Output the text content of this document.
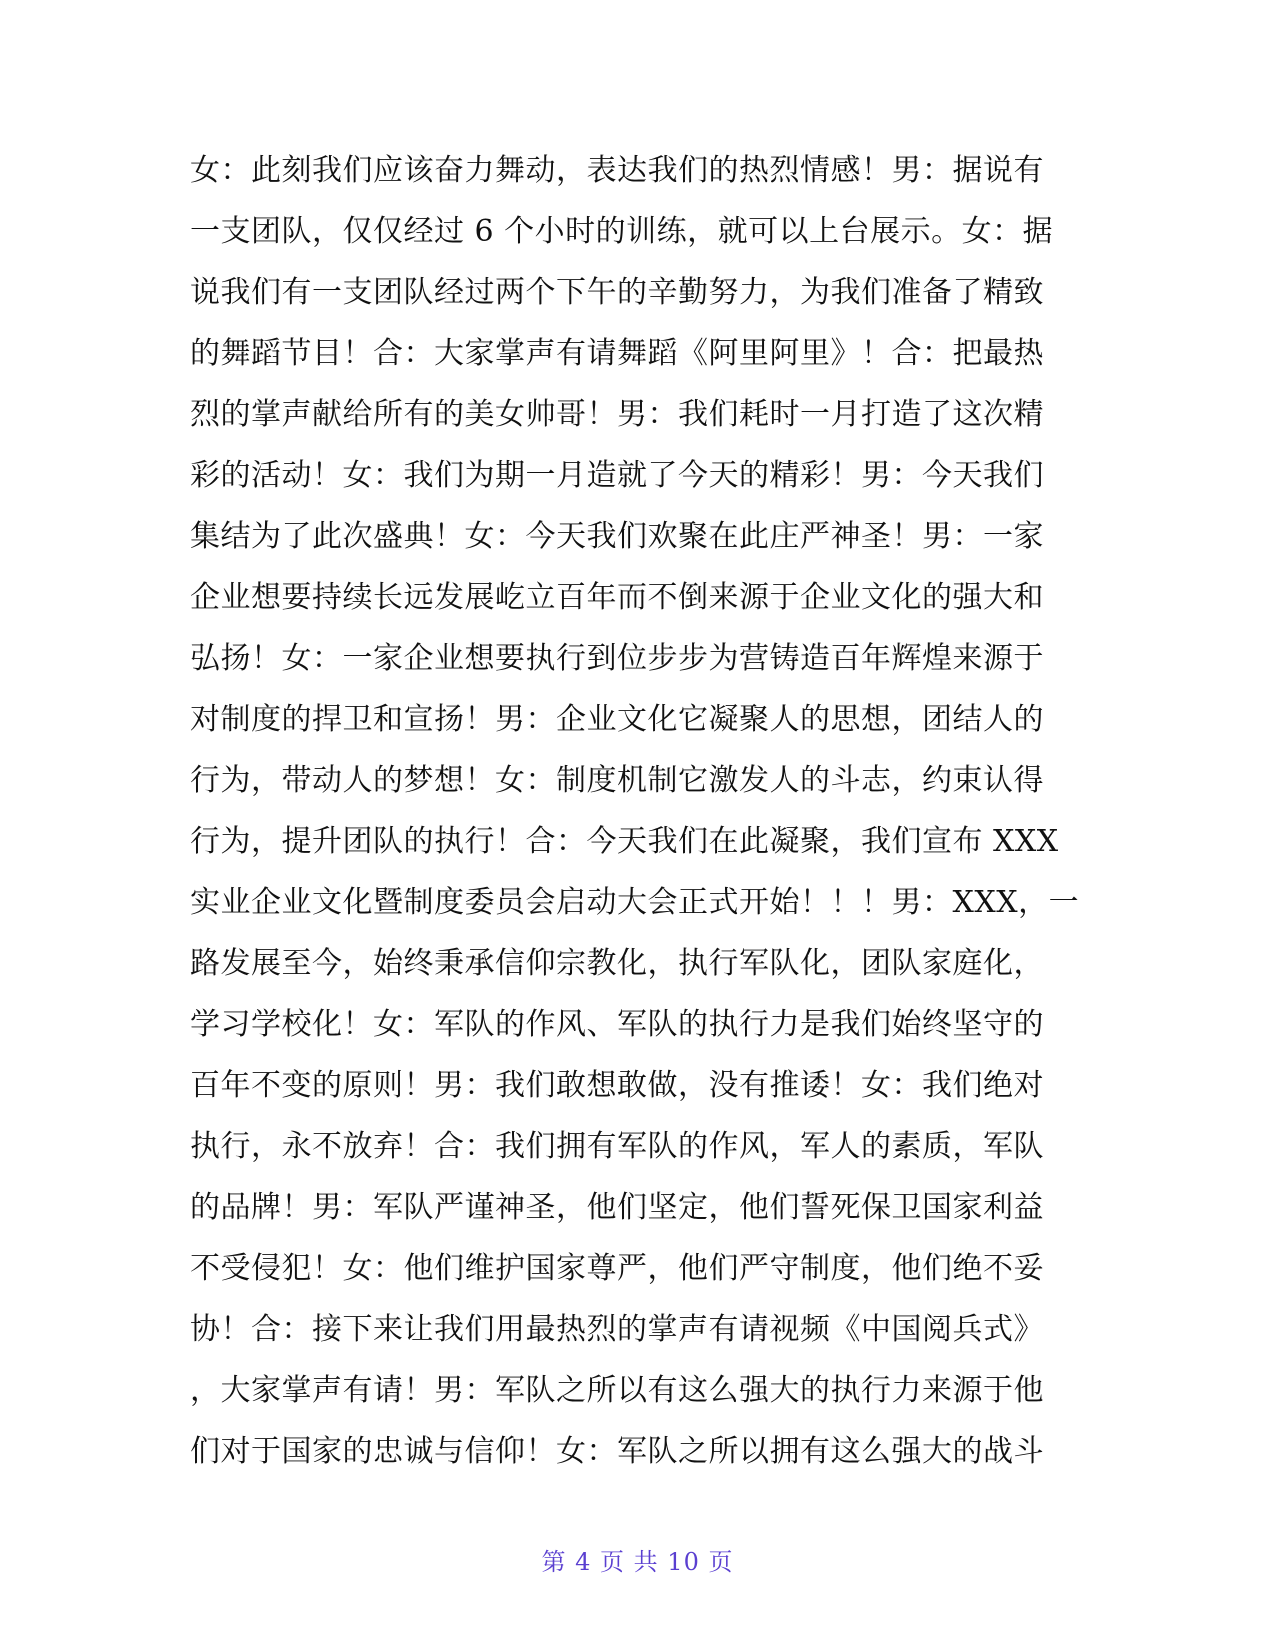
女：此刻我们应该奋力舞动，表达我们的热烈情感！男：据说有
一支团队，仅仅经过 6 个小时的训练，就可以上台展示。女：据
说我们有一支团队经过两个下午的辛勤努力，为我们准备了精致
的舞蹈节目！合：大家掌声有请舞蹈《阿里阿里》！合：把最热
烈的掌声献给所有的美女帅哥！男：我们耗时一月打造了这次精
彩的活动！女：我们为期一月造就了今天的精彩！男：今天我们
集结为了此次盛典！女：今天我们欢聚在此庄严神圣！男：一家
企业想要持续长远发展屹立百年而不倒来源于企业文化的强大和
弘扬！女：一家企业想要执行到位步步为营铸造百年辉煌来源于
对制度的捍卫和宣扬！男：企业文化它凝聚人的思想，团结人的
行为，带动人的梦想！女：制度机制它激发人的斗志，约束认得
行为，提升团队的执行！合：今天我们在此凝聚，我们宣布 XXX
实业企业文化暨制度委员会启动大会正式开始！！！男：XXX，一
路发展至今，始终秉承信仰宗教化，执行军队化，团队家庭化，
学习学校化！女：军队的作风、军队的执行力是我们始终坚守的
百年不变的原则！男：我们敢想敢做，没有推诿！女：我们绝对
执行，永不放弃！合：我们拥有军队的作风，军人的素质，军队
的品牌！男：军队严谨神圣，他们坚定，他们誓死保卫国家利益
不受侵犯！女：他们维护国家尊严，他们严守制度，他们绝不妥
协！合：接下来让我们用最热烈的掌声有请视频《中国阅兵式》
，大家掌声有请！男：军队之所以有这么强大的执行力来源于他
们对于国家的忠诚与信仰！女：军队之所以拥有这么强大的战斗
第 4 页 共 10 页
